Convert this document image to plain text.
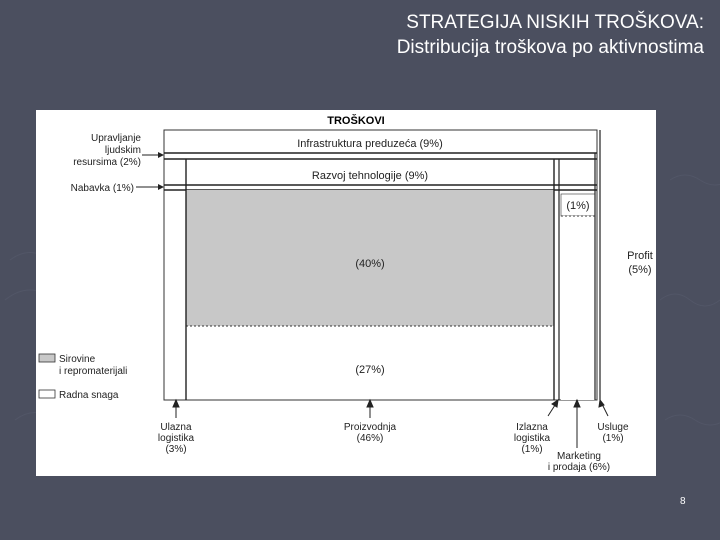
STRATEGIJA NISKIH TROŠKOVA:
Distribucija troškova po aktivnostima
TROŠKOVI
Infrastruktura preduzeća (9%)
Razvoj tehnologije (9%)
(40%)
(27%)
(1%)
Upravljanje
ljudskim
resursima (2%)
Nabavka (1%)
Profit
(5%)
Sirovine
i repromaterijali
Radna snaga
Ulazna
logistika
(3%)
Proizvodnja
(46%)
Izlazna
logistika
(1%)
Usluge
(1%)
Marketing
i prodaja (6%)
8
